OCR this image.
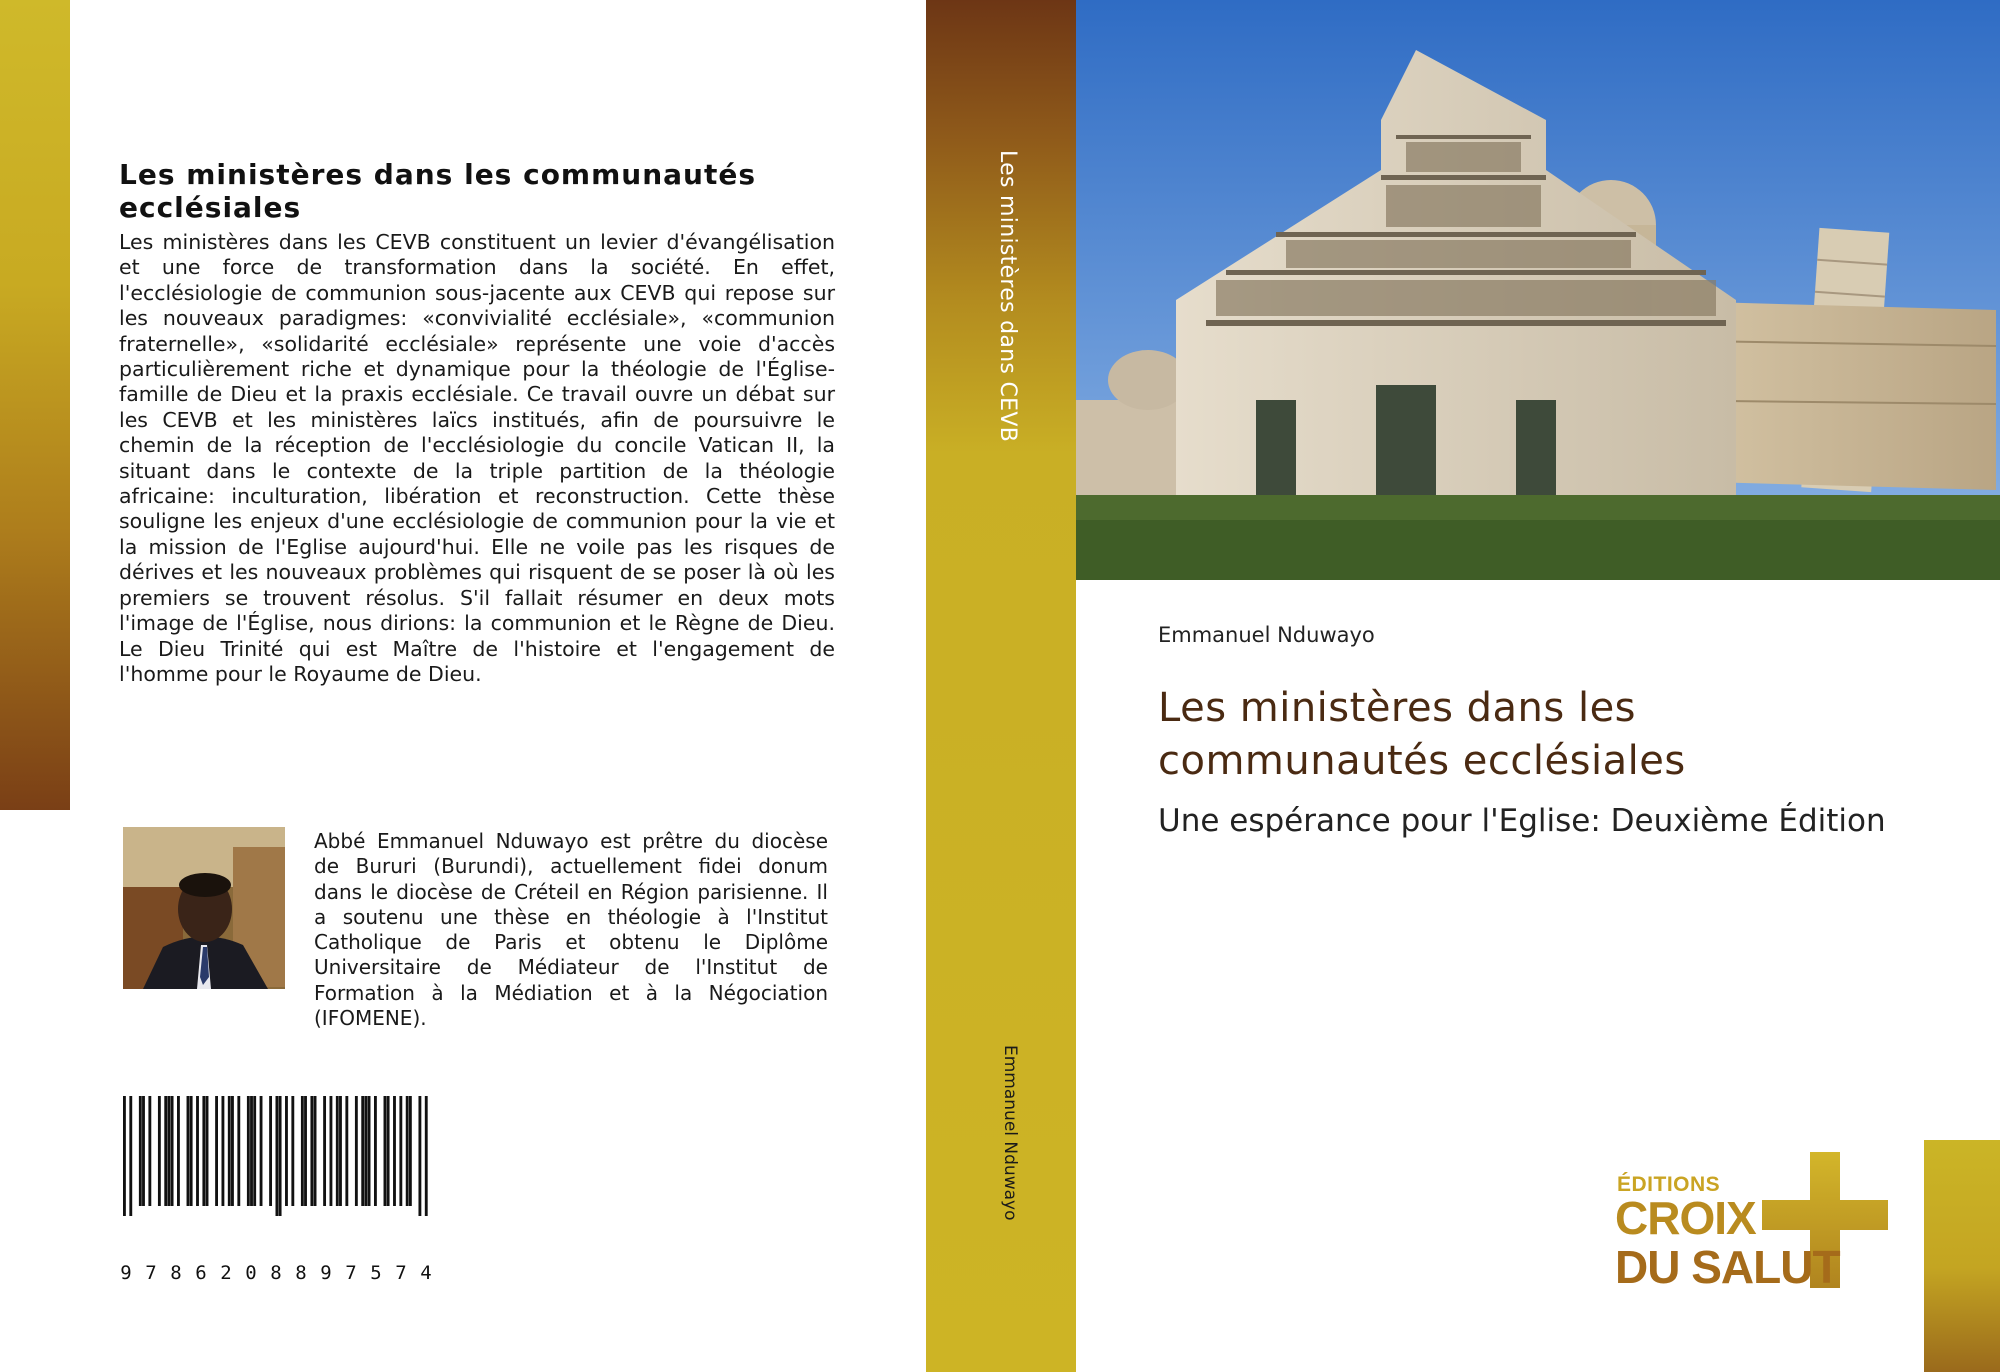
Les ministères dans les communautés ecclésiales

Les ministères dans les CEVB constituent un levier d'évangélisation et une force de transformation dans la société. En effet, l'ecclésiologie de communion sous-jacente aux CEVB qui repose sur les nouveaux paradigmes: «convivialité ecclésiale», «communion fraternelle», «solidarité ecclésiale» représente une voie d'accès particulièrement riche et dynamique pour la théologie de l'Église-famille de Dieu et la praxis ecclésiale. Ce travail ouvre un débat sur les CEVB et les ministères laïcs institués, afin de poursuivre le chemin de la réception de l'ecclésiologie du concile Vatican II, la situant dans le contexte de la triple partition de la théologie africaine: inculturation, libération et reconstruction. Cette thèse souligne les enjeux d'une ecclésiologie de communion pour la vie et la mission de l'Eglise aujourd'hui. Elle ne voile pas les risques de dérives et les nouveaux problèmes qui risquent de se poser là où les premiers se trouvent résolus. S'il fallait résumer en deux mots l'image de l'Église, nous dirions: la communion et le Règne de Dieu. Le Dieu Trinité qui est Maître de l'histoire et l'engagement de l'homme pour le Royaume de Dieu.

Abbé Emmanuel Nduwayo est prêtre du diocèse de Bururi (Burundi), actuellement fidei donum dans le diocèse de Créteil en Région parisienne. Il a soutenu une thèse en théologie à l'Institut Catholique de Paris et obtenu le Diplôme Universitaire de Médiateur de l'Institut de Formation à la Médiation et à la Négociation (IFOMENE).

9 7 8 6 2 0 8 8 9 7 5 7 4
Les ministères dans CEVB
Emmanuel Nduwayo

Emmanuel Nduwayo

Les ministères dans les communautés ecclésiales
Une espérance pour l'Eglise: Deuxième Édition
ÉDITIONS
CROIX
DU SALUT
